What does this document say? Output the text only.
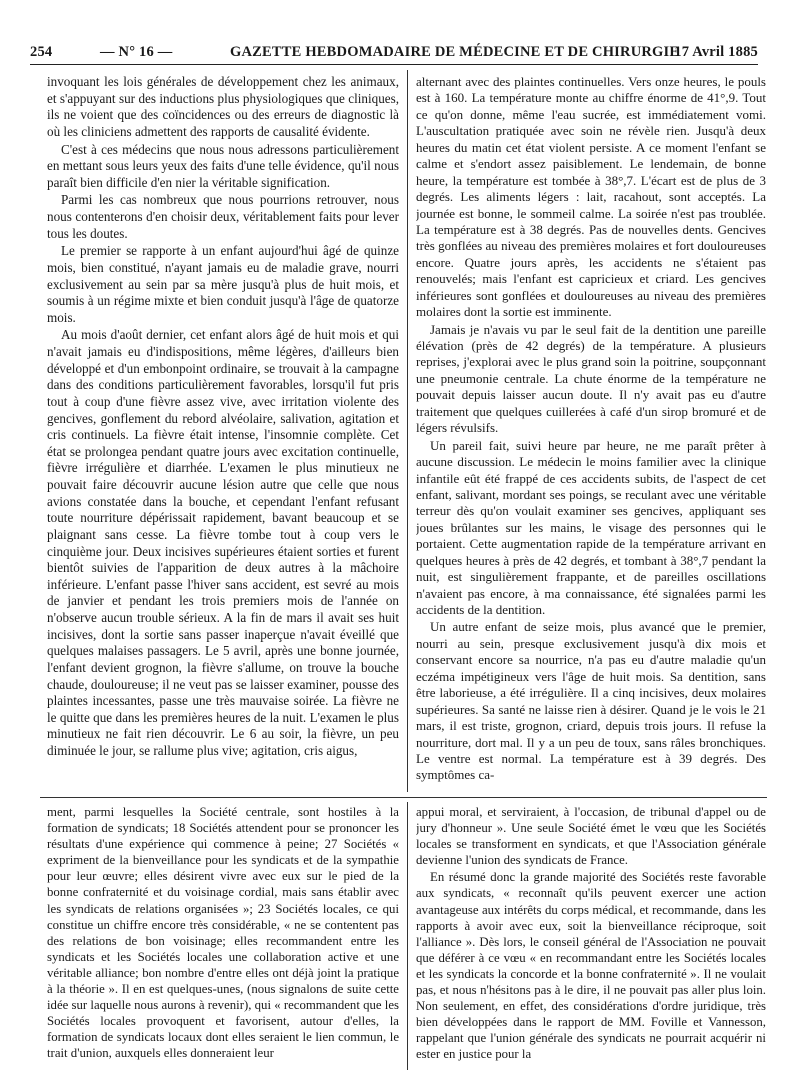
254	— N° 16 —	GAZETTE HEBDOMADAIRE DE MÉDECINE ET DE CHIRURGIE
17 Avril 1885

invoquant les lois générales de développement chez les animaux, et s'appuyant sur des inductions plus physiologiques que cliniques, ils ne voient que des coïncidences ou des erreurs de diagnostic là où les cliniciens admettent des rapports de causalité évidente.

C'est à ces médecins que nous nous adressons particulièrement en mettant sous leurs yeux des faits d'une telle évidence, qu'il nous paraît bien difficile d'en nier la véritable signification.

Parmi les cas nombreux que nous pourrions retrouver, nous nous contenterons d'en choisir deux, véritablement faits pour lever tous les doutes.

Le premier se rapporte à un enfant aujourd'hui âgé de quinze mois, bien constitué, n'ayant jamais eu de maladie grave, nourri exclusivement au sein par sa mère jusqu'à plus de huit mois, et soumis à un régime mixte et bien conduit jusqu'à l'âge de quatorze mois.

Au mois d'août dernier, cet enfant alors âgé de huit mois et qui n'avait jamais eu d'indispositions, même légères, d'ailleurs bien développé et d'un embonpoint ordinaire, se trouvait à la campagne dans des conditions particulièrement favorables, lorsqu'il fut pris tout à coup d'une fièvre assez vive, avec irritation violente des gencives, gonflement du rebord alvéolaire, salivation, agitation et cris continuels. La fièvre était intense, l'insomnie complète. Cet état se prolongea pendant quatre jours avec excitation continuelle, fièvre irrégulière et diarrhée. L'examen le plus minutieux ne pouvait faire découvrir aucune lésion autre que celle que nous avions constatée dans la bouche, et cependant l'enfant refusant toute nourriture dépérissait rapidement, bavant beaucoup et se plaignant sans cesse. La fièvre tombe tout à coup vers le cinquième jour. Deux incisives supérieures étaient sorties et furent bientôt suivies de l'apparition de deux autres à la mâchoire inférieure. L'enfant passe l'hiver sans accident, est sevré au mois de janvier et pendant les trois premiers mois de l'année on n'observe aucun trouble sérieux. A la fin de mars il avait ses huit incisives, dont la sortie sans passer inaperçue n'avait éveillé que quelques malaises passagers. Le 5 avril, après une bonne journée, l'enfant devient grognon, la fièvre s'allume, on trouve la bouche chaude, douloureuse; il ne veut pas se laisser examiner, pousse des plaintes incessantes, passe une très mauvaise soirée. La fièvre ne le quitte que dans les premières heures de la nuit. L'examen le plus minutieux ne fait rien découvrir. Le 6 au soir, la fièvre, un peu diminuée le jour, se rallume plus vive; agitation, cris aigus,

alternant avec des plaintes continuelles. Vers onze heures, le pouls est à 160. La température monte au chiffre énorme de 41°,9. Tout ce qu'on donne, même l'eau sucrée, est immédiatement vomi. L'auscultation pratiquée avec soin ne révèle rien. Jusqu'à deux heures du matin cet état violent persiste. A ce moment l'enfant se calme et s'endort assez paisiblement. Le lendemain, de bonne heure, la température est tombée à 38°,7. L'écart est de plus de 3 degrés. Les aliments légers : lait, racahout, sont acceptés. La journée est bonne, le sommeil calme. La soirée n'est pas troublée. La température est à 38 degrés. Pas de nouvelles dents. Gencives très gonflées au niveau des premières molaires et fort douloureuses encore. Quatre jours après, les accidents ne s'étaient pas renouvelés; mais l'enfant est capricieux et criard. Les gencives inférieures sont gonflées et douloureuses au niveau des premières molaires dont la sortie est imminente.

Jamais je n'avais vu par le seul fait de la dentition une pareille élévation (près de 42 degrés) de la température. A plusieurs reprises, j'explorai avec le plus grand soin la poitrine, soupçonnant une pneumonie centrale. La chute énorme de la température ne pouvait depuis laisser aucun doute. Il n'y avait pas eu d'autre traitement que quelques cuillerées à café d'un sirop bromuré et de légers révulsifs.

Un pareil fait, suivi heure par heure, ne me paraît prêter à aucune discussion. Le médecin le moins familier avec la clinique infantile eût été frappé de ces accidents subits, de l'aspect de cet enfant, salivant, mordant ses poings, se reculant avec une véritable terreur dès qu'on voulait examiner ses gencives, appliquant ses joues brûlantes sur les mains, le visage des personnes qui le portaient. Cette augmentation rapide de la température arrivant en quelques heures à près de 42 degrés, et tombant à 38°,7 pendant la nuit, est singulièrement frappante, et de pareilles oscillations n'avaient pas encore, à ma connaissance, été signalées parmi les accidents de la dentition.

Un autre enfant de seize mois, plus avancé que le premier, nourri au sein, presque exclusivement jusqu'à dix mois et conservant encore sa nourrice, n'a pas eu d'autre maladie qu'un eczéma impétigineux vers l'âge de huit mois. Sa dentition, sans être laborieuse, a été irrégulière. Il a cinq incisives, deux molaires supérieures. Sa santé ne laisse rien à désirer. Quand je le vois le 21 mars, il est triste, grognon, criard, depuis trois jours. Il refuse la nourriture, dort mal. Il y a un peu de toux, sans râles bronchiques. Le ventre est normal. La température est à 39 degrés. Des symptômes ca-

ment, parmi lesquelles la Société centrale, sont hostiles à la formation de syndicats; 18 Sociétés attendent pour se prononcer les résultats d'une expérience qui commence à peine; 27 Sociétés « expriment de la bienveillance pour les syndicats et de la sympathie pour leur œuvre; elles désirent vivre avec eux sur le pied de la bonne confraternité et du voisinage cordial, mais sans établir avec les syndicats de relations organisées »; 23 Sociétés locales, ce qui constitue un chiffre encore très considérable, « ne se contentent pas des relations de bon voisinage; elles recommandent entre les syndicats et les Sociétés locales une collaboration active et une véritable alliance; bon nombre d'entre elles ont déjà joint la pratique à la théorie ». Il en est quelques-unes, (nous signalons de suite cette idée sur laquelle nous aurons à revenir), qui « recommandent que les Sociétés locales provoquent et favorisent, autour d'elles, la formation de syndicats locaux dont elles seraient le lien commun, le trait d'union, auxquels elles donneraient leur

appui moral, et serviraient, à l'occasion, de tribunal d'appel ou de jury d'honneur ». Une seule Société émet le vœu que les Sociétés locales se transforment en syndicats, et que l'Association générale devienne l'union des syndicats de France.

En résumé donc la grande majorité des Sociétés reste favorable aux syndicats, « reconnaît qu'ils peuvent exercer une action avantageuse aux intérêts du corps médical, et recommande, dans les rapports à avoir avec eux, soit la bienveillance réciproque, soit l'alliance ». Dès lors, le conseil général de l'Association ne pouvait que déférer à ce vœu « en recommandant entre les Sociétés locales et les syndicats la concorde et la bonne confraternité ». Il ne voulait pas, et nous n'hésitons pas à le dire, il ne pouvait pas aller plus loin. Non seulement, en effet, des considérations d'ordre juridique, très bien développées dans le rapport de MM. Foville et Vannesson, rappelant que l'union générale des syndicats ne pourrait acquérir ni ester en justice pour la
